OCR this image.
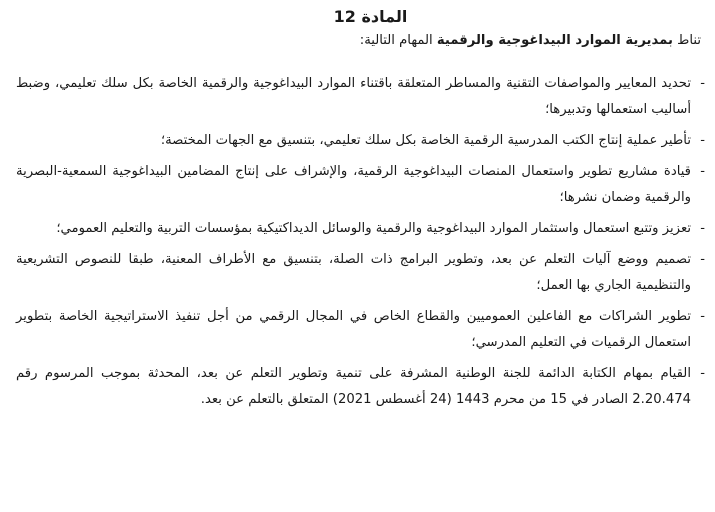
المادة 12
تناط بمديرية الموارد البيداغوجية والرقمية المهام التالية:
-
تحديد المعايير والمواصفات التقنية والمساطر المتعلقة باقتناء الموارد البيداغوجية والرقمية الخاصة بكل سلك تعليمي، وضبط أساليب استعمالها وتدبيرها؛
-
تأطير عملية إنتاج الكتب المدرسية الرقمية الخاصة بكل سلك تعليمي، بتنسيق مع الجهات المختصة؛
-
قيادة مشاريع تطوير واستعمال المنصات البيداغوجية الرقمية، والإشراف على إنتاج المضامين البيداغوجية السمعية-البصرية والرقمية وضمان نشرها؛
-
تعزيز وتتبع استعمال واستثمار الموارد البيداغوجية والرقمية والوسائل الديداكتيكية بمؤسسات التربية والتعليم العمومي؛
-
تصميم ووضع آليات التعلم عن بعد، وتطوير البرامج ذات الصلة، بتنسيق مع الأطراف المعنية، طبقا للنصوص التشريعية والتنظيمية الجاري بها العمل؛
-
تطوير الشراكات مع الفاعلين العموميين والقطاع الخاص في المجال الرقمي من أجل تنفيذ الاستراتيجية الخاصة بتطوير استعمال الرقميات في التعليم المدرسي؛
-
القيام بمهام الكتابة الدائمة للجنة الوطنية المشرفة على تنمية وتطوير التعلم عن بعد، المحدثة بموجب المرسوم رقم 2.20.474 الصادر في 15 من محرم 1443 (24 أغسطس 2021) المتعلق بالتعلم عن بعد.
